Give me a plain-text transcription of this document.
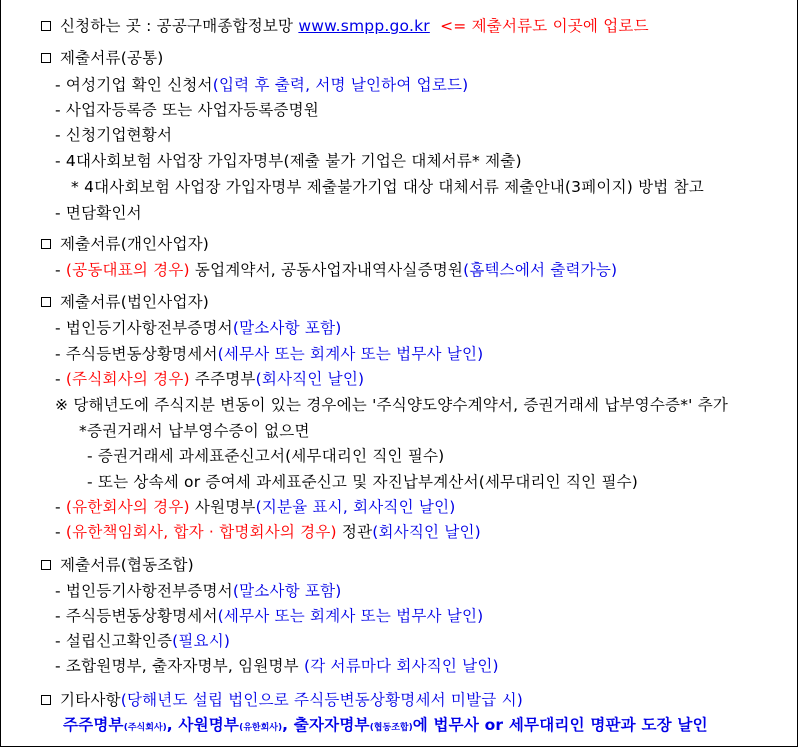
신청하는 곳 : 공공구매종합정보망 www.smpp.go.kr <= 제출서류도 이곳에 업로드
제출서류(공통)
- 여성기업 확인 신청서(입력 후 출력, 서명 날인하여 업로드)
- 사업자등록증 또는 사업자등록증명원
- 신청기업현황서
- 4대사회보험 사업장 가입자명부(제출 불가 기업은 대체서류* 제출)
* 4대사회보험 사업장 가입자명부 제출불가기업 대상 대체서류 제출안내(3페이지) 방법 참고
- 면담확인서
제출서류(개인사업자)
- (공동대표의 경우) 동업계약서, 공동사업자내역사실증명원(홈텍스에서 출력가능)
제출서류(법인사업자)
- 법인등기사항전부증명서(말소사항 포함)
- 주식등변동상황명세서(세무사 또는 회계사 또는 법무사 날인)
- (주식회사의 경우) 주주명부(회사직인 날인)
※ 당해년도에 주식지분 변동이 있는 경우에는 '주식양도양수계약서, 증권거래세 납부영수증*' 추가
*증권거래서 납부영수증이 없으면
- 증권거래세 과세표준신고서(세무대리인 직인 필수)
- 또는 상속세 or 증여세 과세표준신고 및 자진납부계산서(세무대리인 직인 필수)
- (유한회사의 경우) 사원명부(지분율 표시, 회사직인 날인)
- (유한책임회사, 합자 · 합명회사의 경우) 정관(회사직인 날인)
제출서류(협동조합)
- 법인등기사항전부증명서(말소사항 포함)
- 주식등변동상황명세서(세무사 또는 회계사 또는 법무사 날인)
- 설립신고확인증(필요시)
- 조합원명부, 출자자명부, 임원명부 (각 서류마다 회사직인 날인)
기타사항(당해년도 설립 법인으로 주식등변동상황명세서 미발급 시)
주주명부(주식회사), 사원명부(유한회사), 출자자명부(협동조합)에 법무사 or 세무대리인 명판과 도장 날인
